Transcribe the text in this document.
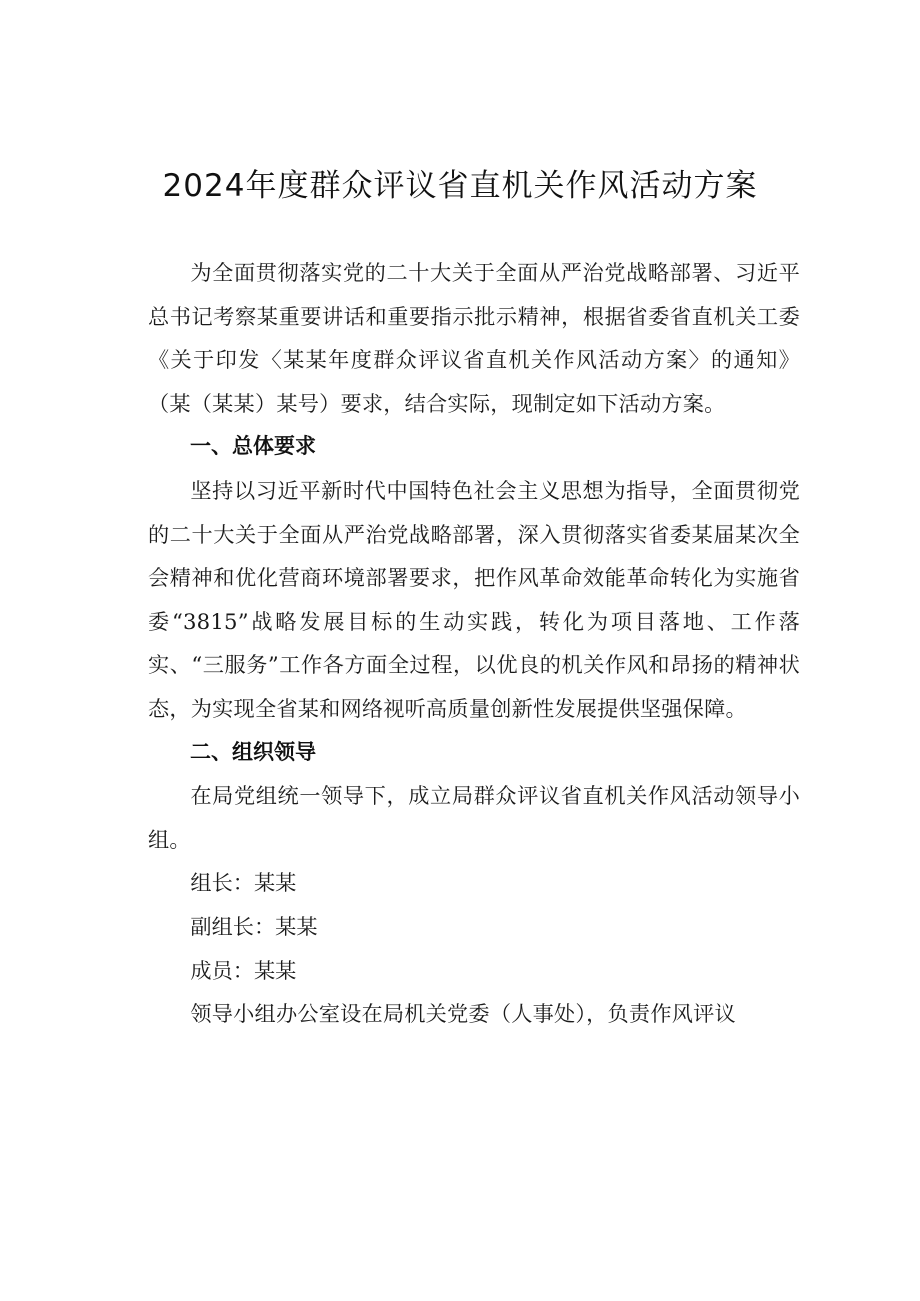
2024年度群众评议省直机关作风活动方案

为全面贯彻落实党的二十大关于全面从严治党战略部署、习近平总书记考察某重要讲话和重要指示批示精神，根据省委省直机关工委《关于印发〈某某年度群众评议省直机关作风活动方案〉的通知》（某（某某）某号）要求，结合实际，现制定如下活动方案。

一、总体要求

坚持以习近平新时代中国特色社会主义思想为指导，全面贯彻党的二十大关于全面从严治党战略部署，深入贯彻落实省委某届某次全会精神和优化营商环境部署要求，把作风革命效能革命转化为实施省委“3815”战略发展目标的生动实践，转化为项目落地、工作落实、“三服务”工作各方面全过程，以优良的机关作风和昂扬的精神状态，为实现全省某和网络视听高质量创新性发展提供坚强保障。

二、组织领导

在局党组统一领导下，成立局群众评议省直机关作风活动领导小组。

组长：某某

副组长：某某

成员：某某

领导小组办公室设在局机关党委（人事处），负责作风评议
